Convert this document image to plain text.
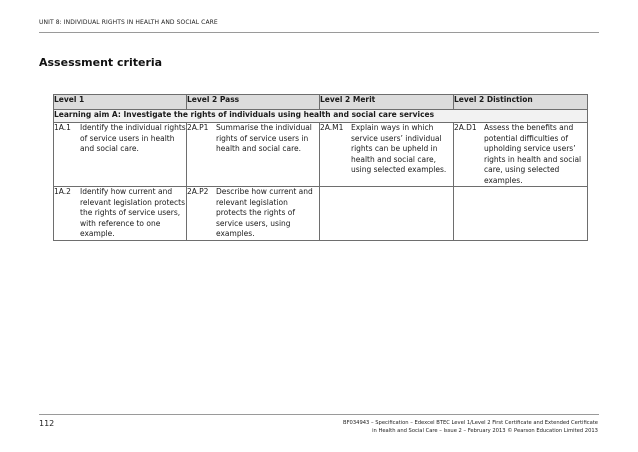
UNIT 8: INDIVIDUAL RIGHTS IN HEALTH AND SOCIAL CARE
Assessment criteria
Level 1	Level 2 Pass	Level 2 Merit	Level 2 Distinction
Learning aim A: Investigate the rights of individuals using health and social care services			

1A.1 Identify the individual rights of service users in health and social care.	2A.P1 Summarise the individual rights of service users in health and social care.	2A.M1 Explain ways in which service users’ individual rights can be upheld in health and social care, using selected examples.	2A.D1 Assess the benefits and potential difficulties of upholding service users’ rights in health and social care, using selected examples.

1A.2 Identify how current and relevant legislation protects the rights of service users, with reference to one example.	2A.P2 Describe how current and relevant legislation protects the rights of service users, using examples.		

112	BF034943 – Specification – Edexcel BTEC Level 1/Level 2 First Certificate and Extended Certificate
in Health and Social Care – Issue 2 – February 2013 © Pearson Education Limited 2013
